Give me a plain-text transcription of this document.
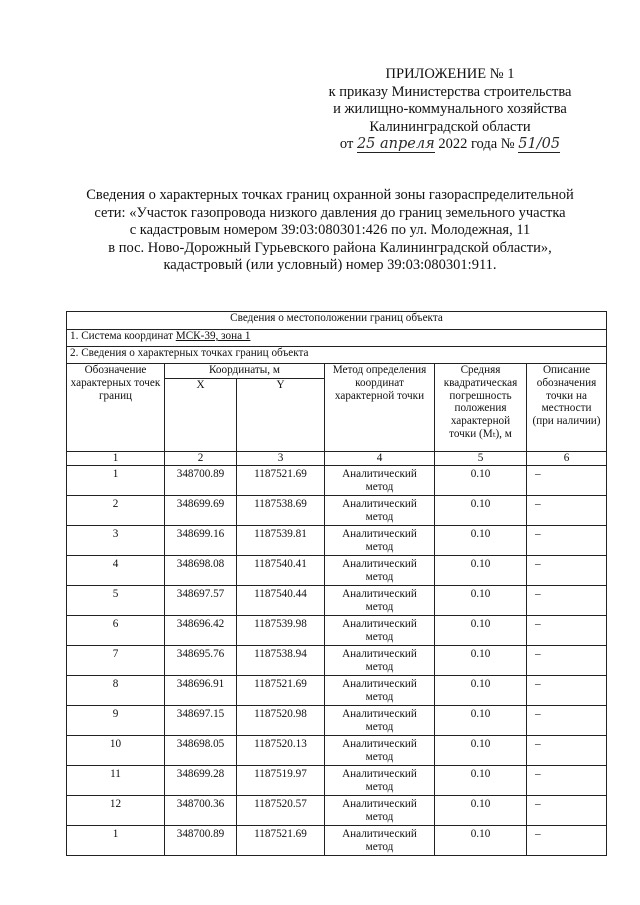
ПРИЛОЖЕНИЕ № 1
к приказу Министерства строительства
и жилищно-коммунального хозяйства
Калининградской области
от 25 апреля 2022 года № 51/05
Сведения о характерных точках границ охранной зоны газораспределительной
сети: «Участок газопровода низкого давления до границ земельного участка
с кадастровым номером 39:03:080301:426 по ул. Молодежная, 11
в пос. Ново-Дорожный Гурьевского района Калининградской области»,
кадастровый (или условный) номер 39:03:080301:911.
Сведения о местоположении границ объекта					
1. Система координат МСК-39, зона 1					
2. Сведения о характерных точках границ объекта					
Обозначение характерных точек границ	Координаты, м		Метод определения координат характерной точки	Средняя квадратическая погрешность положения характерной точки (Mₜ), м	Описание обозначения точки на местности (при наличии)
	X	Y			
1	2	3	4	5	6
1	348700.89	1187521.69	Аналитический метод	0.10	–
2	348699.69	1187538.69	Аналитический метод	0.10	–
3	348699.16	1187539.81	Аналитический метод	0.10	–
4	348698.08	1187540.41	Аналитический метод	0.10	–
5	348697.57	1187540.44	Аналитический метод	0.10	–
6	348696.42	1187539.98	Аналитический метод	0.10	–
7	348695.76	1187538.94	Аналитический метод	0.10	–
8	348696.91	1187521.69	Аналитический метод	0.10	–
9	348697.15	1187520.98	Аналитический метод	0.10	–
10	348698.05	1187520.13	Аналитический метод	0.10	–
11	348699.28	1187519.97	Аналитический метод	0.10	–
12	348700.36	1187520.57	Аналитический метод	0.10	–
1	348700.89	1187521.69	Аналитический метод	0.10	–
